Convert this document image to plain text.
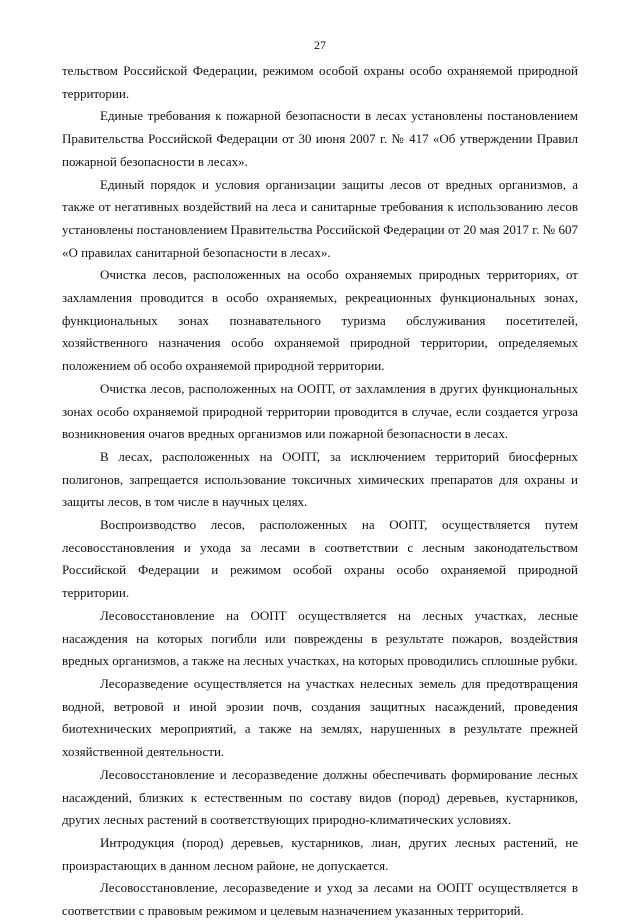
27

тельством Российской Федерации, режимом особой охраны особо охраняемой природной территории.

Единые требования к пожарной безопасности в лесах установлены постановлением Правительства Российской Федерации от 30 июня 2007 г. № 417 «Об утверждении Правил пожарной безопасности в лесах».

Единый порядок и условия организации защиты лесов от вредных организмов, а также от негативных воздействий на леса и санитарные требования к использованию лесов установлены постановлением Правительства Российской Федерации от 20 мая 2017 г. № 607 «О правилах санитарной безопасности в лесах».

Очистка лесов, расположенных на особо охраняемых природных территориях, от захламления проводится в особо охраняемых, рекреационных функциональных зонах, функциональных зонах познавательного туризма обслуживания посетителей, хозяйственного назначения особо охраняемой природной территории, определяемых положением об особо охраняемой природной территории.

Очистка лесов, расположенных на ООПТ, от захламления в других функциональных зонах особо охраняемой природной территории проводится в случае, если создается угроза возникновения очагов вредных организмов или пожарной безопасности в лесах.

В лесах, расположенных на ООПТ, за исключением территорий биосферных полигонов, запрещается использование токсичных химических препаратов для охраны и защиты лесов, в том числе в научных целях.

Воспроизводство лесов, расположенных на ООПТ, осуществляется путем лесовосстановления и ухода за лесами в соответствии с лесным законодательством Российской Федерации и режимом особой охраны особо охраняемой природной территории.

Лесовосстановление на ООПТ осуществляется на лесных участках, лесные насаждения на которых погибли или повреждены в результате пожаров, воздействия вредных организмов, а также на лесных участках, на которых проводились сплошные рубки.

Лесоразведение осуществляется на участках нелесных земель для предотвращения водной, ветровой и иной эрозии почв, создания защитных насаждений, проведения биотехнических мероприятий, а также на землях, нарушенных в результате прежней хозяйственной деятельности.

Лесовосстановление и лесоразведение должны обеспечивать формирование лесных насаждений, близких к естественным по составу видов (пород) деревьев, кустарников, других лесных растений в соответствующих природно-климатических условиях.

Интродукция (пород) деревьев, кустарников, лиан, других лесных растений, не произрастающих в данном лесном районе, не допускается.

Лесовосстановление, лесоразведение и уход за лесами на ООПТ осуществляется в соответствии с правовым режимом и целевым назначением указанных территорий.
